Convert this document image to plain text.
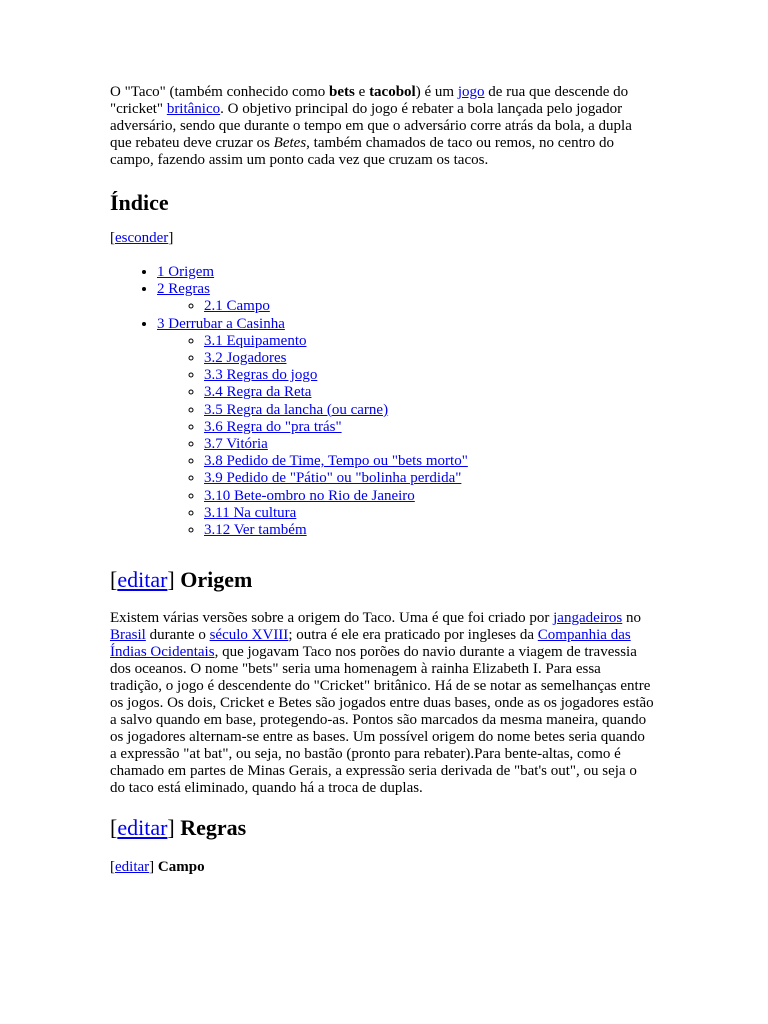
O "Taco" (também conhecido como bets e tacobol) é um jogo de rua que descende do "cricket" britânico. O objetivo principal do jogo é rebater a bola lançada pelo jogador adversário, sendo que durante o tempo em que o adversário corre atrás da bola, a dupla que rebateu deve cruzar os Betes, também chamados de taco ou remos, no centro do campo, fazendo assim um ponto cada vez que cruzam os tacos.

Índice
[esconder]
• 1 Origem
• 2 Regras
◦ 2.1 Campo
• 3 Derrubar a Casinha
◦ 3.1 Equipamento
◦ 3.2 Jogadores
◦ 3.3 Regras do jogo
◦ 3.4 Regra da Reta
◦ 3.5 Regra da lancha (ou carne)
◦ 3.6 Regra do "pra trás"
◦ 3.7 Vitória
◦ 3.8 Pedido de Time, Tempo ou "bets morto"
◦ 3.9 Pedido de "Pátio" ou "bolinha perdida"
◦ 3.10 Bete-ombro no Rio de Janeiro
◦ 3.11 Na cultura
◦ 3.12 Ver também
[editar] Origem

Existem várias versões sobre a origem do Taco. Uma é que foi criado por jangadeiros no Brasil durante o século XVIII; outra é ele era praticado por ingleses da Companhia das Índias Ocidentais, que jogavam Taco nos porões do navio durante a viagem de travessia dos oceanos. O nome "bets" seria uma homenagem à rainha Elizabeth I. Para essa tradição, o jogo é descendente do "Cricket" britânico. Há de se notar as semelhanças entre os jogos. Os dois, Cricket e Betes são jogados entre duas bases, onde as os jogadores estão a salvo quando em base, protegendo-as. Pontos são marcados da mesma maneira, quando os jogadores alternam-se entre as bases. Um possível origem do nome betes seria quando a expressão "at bat", ou seja, no bastão (pronto para rebater).Para bente-altas, como é chamado em partes de Minas Gerais, a expressão seria derivada de "bat's out", ou seja o do taco está eliminado, quando há a troca de duplas.

[editar] Regras
[editar] Campo
